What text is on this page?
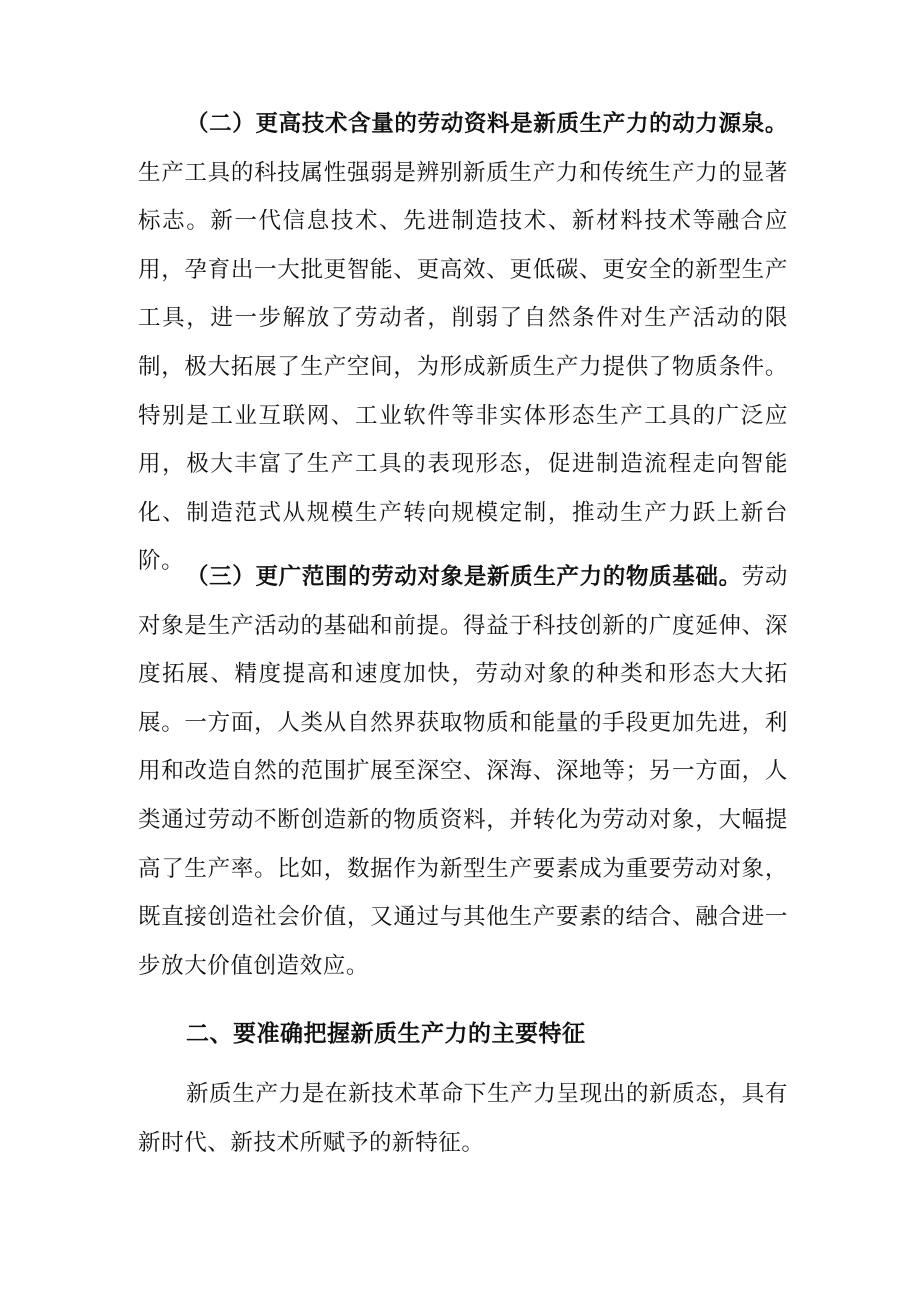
（二）更高技术含量的劳动资料是新质生产力的动力源泉。生产工具的科技属性强弱是辨别新质生产力和传统生产力的显著标志。新一代信息技术、先进制造技术、新材料技术等融合应用，孕育出一大批更智能、更高效、更低碳、更安全的新型生产工具，进一步解放了劳动者，削弱了自然条件对生产活动的限制，极大拓展了生产空间，为形成新质生产力提供了物质条件。特别是工业互联网、工业软件等非实体形态生产工具的广泛应用，极大丰富了生产工具的表现形态，促进制造流程走向智能化、制造范式从规模生产转向规模定制，推动生产力跃上新台阶。

（三）更广范围的劳动对象是新质生产力的物质基础。劳动对象是生产活动的基础和前提。得益于科技创新的广度延伸、深度拓展、精度提高和速度加快，劳动对象的种类和形态大大拓展。一方面，人类从自然界获取物质和能量的手段更加先进，利用和改造自然的范围扩展至深空、深海、深地等；另一方面，人类通过劳动不断创造新的物质资料，并转化为劳动对象，大幅提高了生产率。比如，数据作为新型生产要素成为重要劳动对象，既直接创造社会价值，又通过与其他生产要素的结合、融合进一步放大价值创造效应。

二、要准确把握新质生产力的主要特征

新质生产力是在新技术革命下生产力呈现出的新质态，具有新时代、新技术所赋予的新特征。
